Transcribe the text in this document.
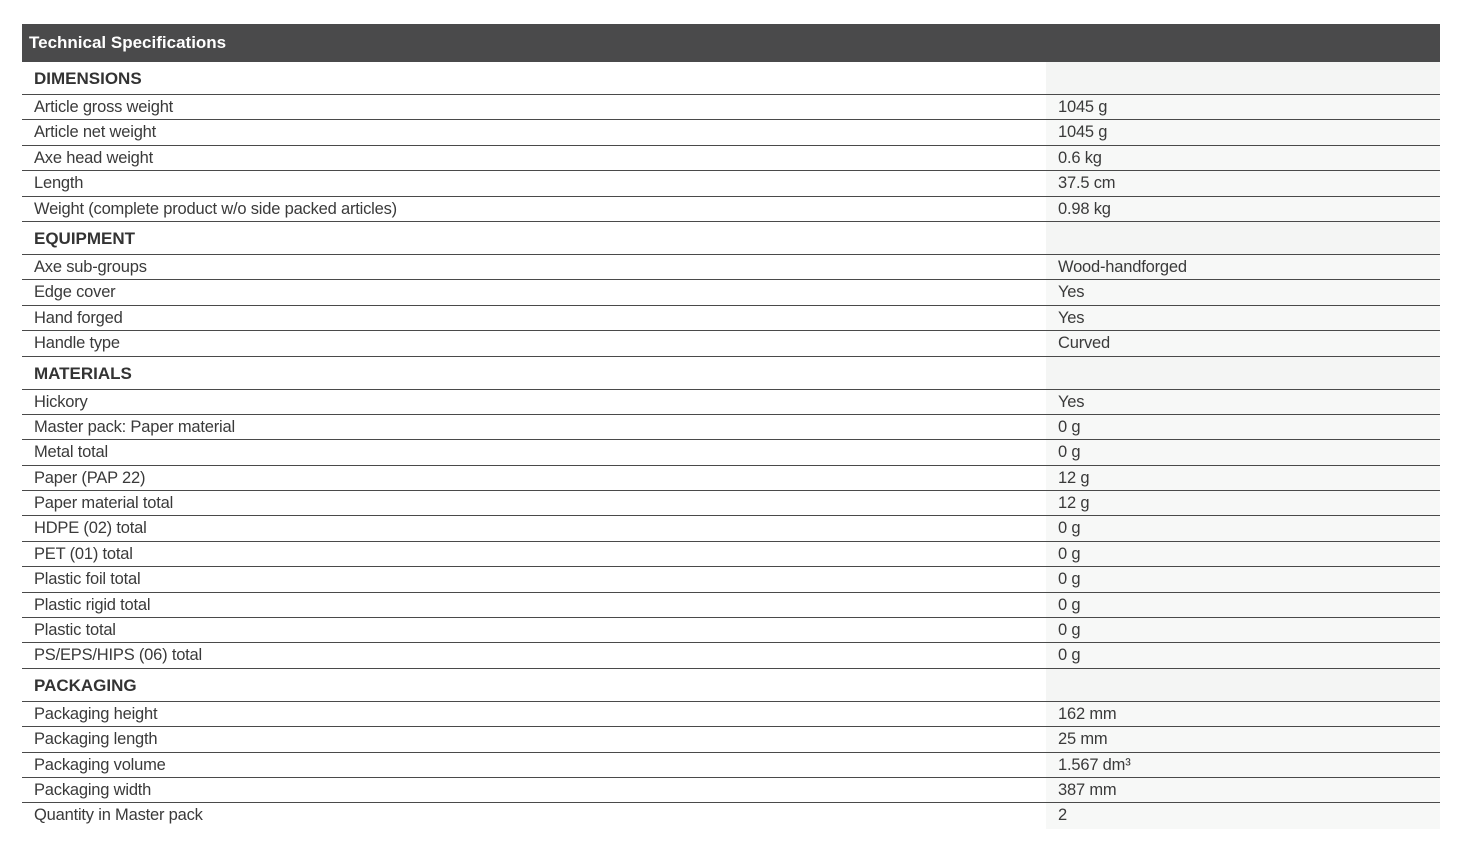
Technical Specifications
DIMENSIONS
Article gross weight	1045 g
Article net weight	1045 g
Axe head weight	0.6 kg
Length	37.5 cm
Weight (complete product w/o side packed articles)	0.98 kg
EQUIPMENT
Axe sub-groups	Wood-handforged
Edge cover	Yes
Hand forged	Yes
Handle type	Curved
MATERIALS
Hickory	Yes
Master pack: Paper material	0 g
Metal total	0 g
Paper (PAP 22)	12 g
Paper material total	12 g
HDPE (02) total	0 g
PET (01) total	0 g
Plastic foil total	0 g
Plastic rigid total	0 g
Plastic total	0 g
PS/EPS/HIPS (06) total	0 g
PACKAGING
Packaging height	162 mm
Packaging length	25 mm
Packaging volume	1.567 dm³
Packaging width	387 mm
Quantity in Master pack	2
